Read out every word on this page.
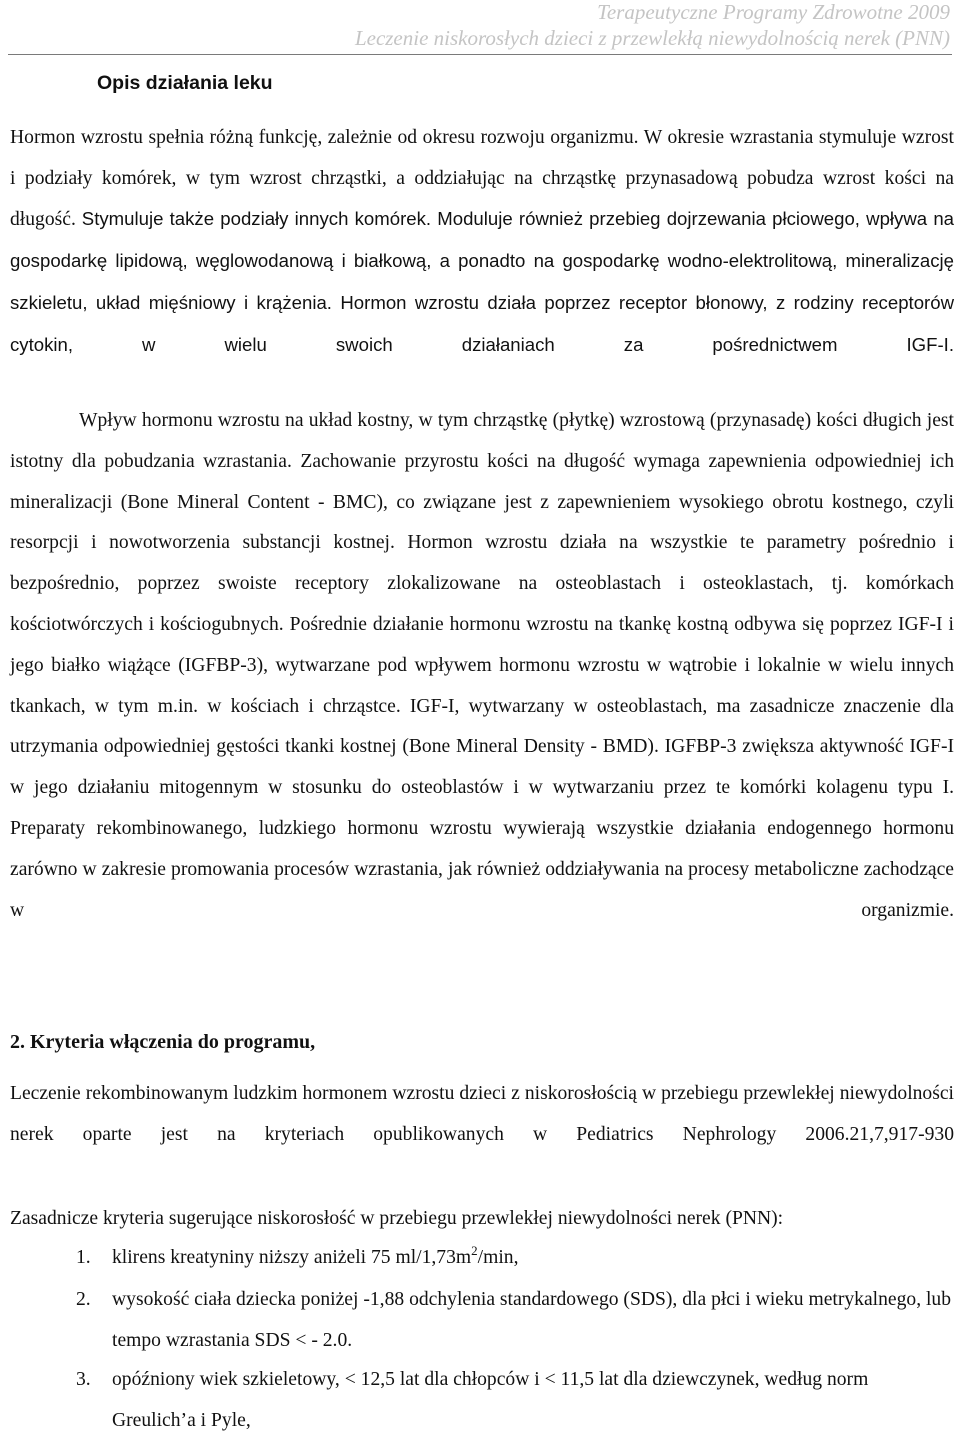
Terapeutyczne Programy Zdrowotne 2009
Leczenie niskorosłych dzieci z przewlekłą niewydolnością nerek (PNN)
Opis działania leku

Hormon wzrostu spełnia różną funkcję, zależnie od okresu rozwoju organizmu. W okresie wzrastania stymuluje wzrost i podziały komórek, w tym wzrost chrząstki, a oddziałując na chrząstkę przynasadową pobudza wzrost kości na długość. Stymuluje także podziały innych komórek. Moduluje również przebieg dojrzewania płciowego, wpływa na gospodarkę lipidową, węglowodanową i białkową, a ponadto na gospodarkę wodno-elektrolitową, mineralizację szkieletu, układ mięśniowy i krążenia. Hormon wzrostu działa poprzez receptor błonowy, z rodziny receptorów cytokin, w wielu swoich działaniach za pośrednictwem IGF-I.

Wpływ hormonu wzrostu na układ kostny, w tym chrząstkę (płytkę) wzrostową (przynasadę) kości długich jest istotny dla pobudzania wzrastania. Zachowanie przyrostu kości na długość wymaga zapewnienia odpowiedniej ich mineralizacji (Bone Mineral Content - BMC), co związane jest z zapewnieniem wysokiego obrotu kostnego, czyli resorpcji i nowotworzenia substancji kostnej. Hormon wzrostu działa na wszystkie te parametry pośrednio i bezpośrednio, poprzez swoiste receptory zlokalizowane na osteoblastach i osteoklastach, tj. komórkach kościotwórczych i kościogubnych. Pośrednie działanie hormonu wzrostu na tkankę kostną odbywa się poprzez IGF-I i jego białko wiążące (IGFBP-3), wytwarzane pod wpływem hormonu wzrostu w wątrobie i lokalnie w wielu innych tkankach, w tym m.in. w kościach i chrząstce. IGF-I, wytwarzany w osteoblastach, ma zasadnicze znaczenie dla utrzymania odpowiedniej gęstości tkanki kostnej (Bone Mineral Density - BMD). IGFBP-3 zwiększa aktywność IGF-I w jego działaniu mitogennym w stosunku do osteoblastów i w wytwarzaniu przez te komórki kolagenu typu I. Preparaty rekombinowanego, ludzkiego hormonu wzrostu wywierają wszystkie działania endogennego hormonu zarówno w zakresie promowania procesów wzrastania, jak również oddziaływania na procesy metaboliczne zachodzące w organizmie.

2. Kryteria włączenia do programu,

Leczenie rekombinowanym ludzkim hormonem wzrostu dzieci z niskorosłością w przebiegu przewlekłej niewydolności nerek oparte jest na kryteriach opublikowanych w Pediatrics Nephrology 2006.21,7,917-930

Zasadnicze kryteria sugerujące niskorosłość w przebiegu przewlekłej niewydolności nerek (PNN):

1. klirens kreatyniny niższy aniżeli 75 $ml/1,73m^2/\min$,
2. wysokość ciała dziecka poniżej -1,88 odchylenia standardowego (SDS), dla płci i wieku metrykalnego, lub tempo wzrastania SDS < - 2.0.
3. opóźniony wiek szkieletowy, < 12,5 lat dla chłopców i < 11,5 lat dla dziewczynek, według norm Greulich’a i Pyle,
